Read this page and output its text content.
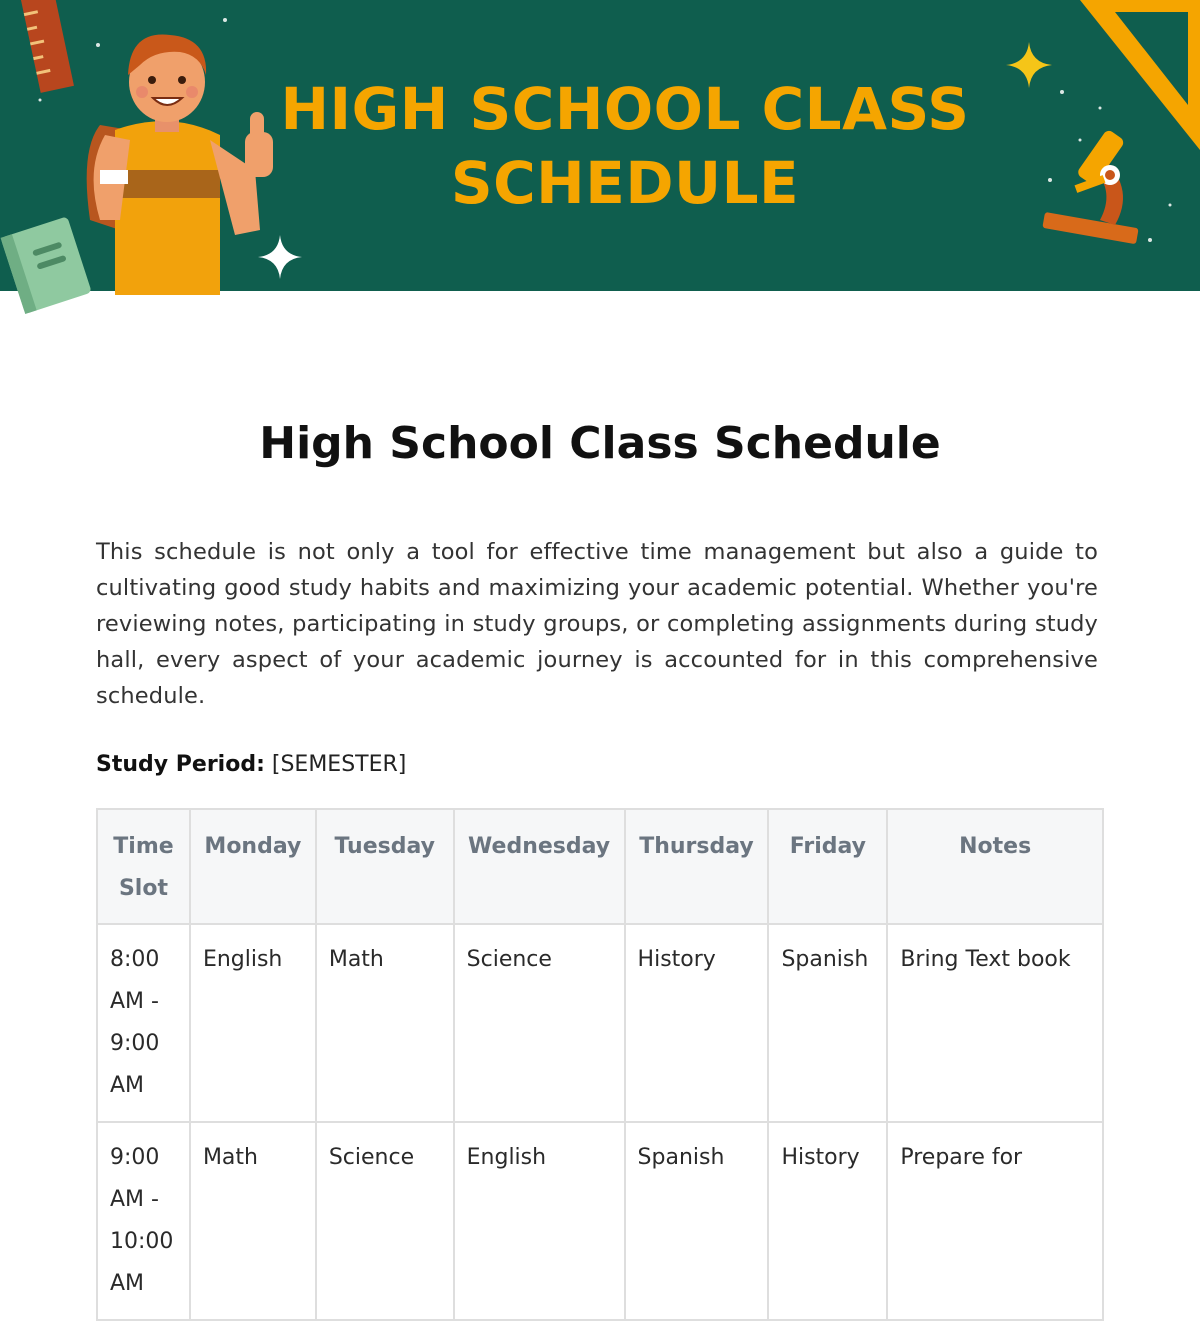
HIGH SCHOOL CLASS
SCHEDULE
High School Class Schedule

This schedule is not only a tool for effective time management but also a guide to cultivating good study habits and maximizing your academic potential. Whether you're reviewing notes, participating in study groups, or completing assignments during study hall, every aspect of your academic journey is accounted for in this comprehensive schedule.

Study Period: [SEMESTER]
Time Slot	Monday	Tuesday	Wednesday	Thursday	Friday	Notes
8:00 AM - 9:00 AM	English	Math	Science	History	Spanish	Bring Text book
9:00 AM - 10:00 AM	Math	Science	English	Spanish	History	Prepare for
